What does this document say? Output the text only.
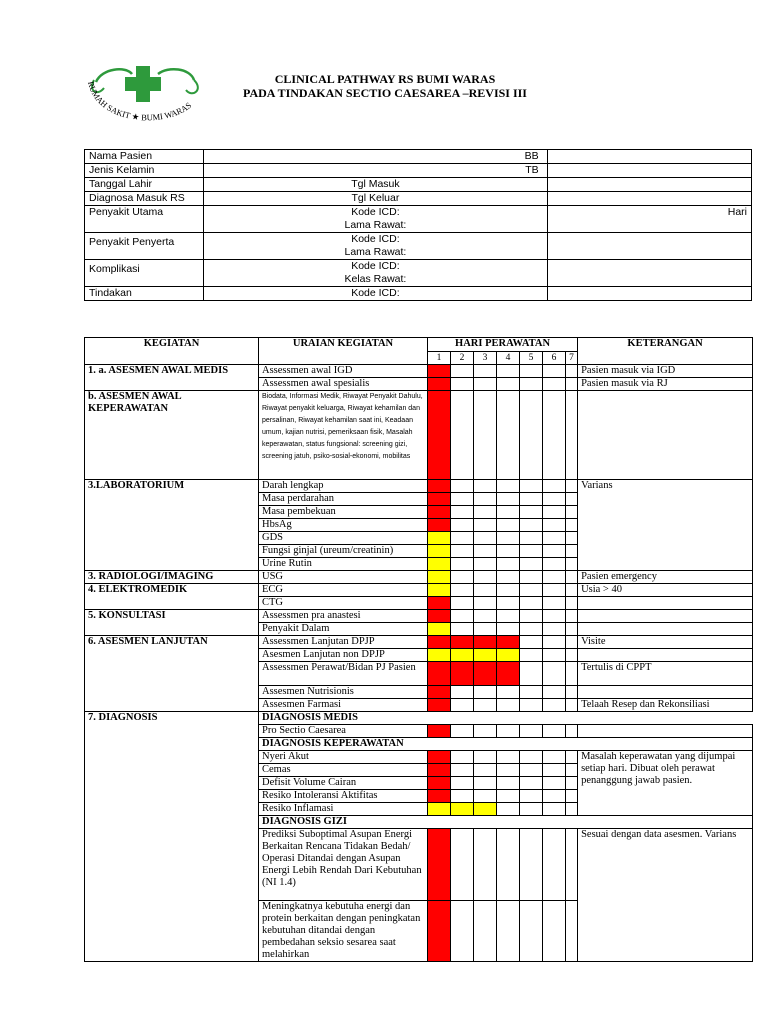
RUMAH SAKIT ★ BUMI WARAS
CLINICAL PATHWAY RS BUMI WARAS
PADA TINDAKAN SECTIO CAESAREA –REVISI III
Nama Pasien	BB	
Jenis Kelamin	TB	
Tanggal Lahir	Tgl Masuk	
Diagnosa Masuk RS	Tgl Keluar	
Penyakit Utama	Kode ICD:
Lama Rawat:	Hari
Penyakit Penyerta	Kode ICD:
Lama Rawat:	

Komplikasi	Kode ICD:
Kelas Rawat:	

Tindakan	Kode ICD:	
KEGIATAN	URAIAN KEGIATAN	HARI PERAWATAN							KETERANGAN
		1	2	3	4	5	6	7	
1. a. ASESMEN AWAL MEDIS	Assessmen awal IGD								Pasien masuk via IGD
	Assessmen awal spesialis								Pasien masuk via RJ
b. ASESMEN AWAL KEPERAWATAN	Biodata, Informasi Medik, Riwayat Penyakit Dahulu, Riwayat penyakit keluarga, Riwayat kehamilan dan persalinan, Riwayat kehamilan saat ini, Keadaan umum, kajian nutrisi, pemeriksaan fisik, Masalah keperawatan, status fungsional: screening gizi, screening jatuh, psiko-sosial-ekonomi, mobilitas								
3.LABORATORIUM	Darah lengkap								Varians
	Masa perdarahan								
	Masa pembekuan								
	HbsAg								
	GDS								
	Fungsi ginjal (ureum/creatinin)								
	Urine Rutin								
3. RADIOLOGI/IMAGING	USG								Pasien emergency
4. ELEKTROMEDIK	ECG								Usia > 40
	CTG								
5. KONSULTASI	Assessmen pra anastesi								
	Penyakit Dalam								
6. ASESMEN LANJUTAN	Assessmen Lanjutan DPJP								Visite
	Asesmen Lanjutan non DPJP								
	Assessmen Perawat/Bidan PJ Pasien								Tertulis di CPPT
	Assesmen Nutrisionis								
	Assesmen Farmasi								Telaah Resep dan Rekonsiliasi
7. DIAGNOSIS	DIAGNOSIS MEDIS								
	Pro Sectio Caesarea								
	DIAGNOSIS KEPERAWATAN								
	Nyeri Akut								Masalah keperawatan yang dijumpai setiap hari. Dibuat oleh perawat penanggung jawab pasien.
	Cemas								
	Defisit Volume Cairan								
	Resiko Intoleransi Aktifitas								
	Resiko Inflamasi								
	DIAGNOSIS GIZI								
	Prediksi Suboptimal Asupan Energi Berkaitan Rencana Tidakan Bedah/ Operasi Ditandai dengan Asupan Energi Lebih Rendah Dari Kebutuhan (NI 1.4)								Sesuai dengan data asesmen. Varians
	Meningkatnya kebutuha energi dan protein berkaitan dengan peningkatan kebutuhan ditandai dengan pembedahan seksio sesarea saat melahirkan								
